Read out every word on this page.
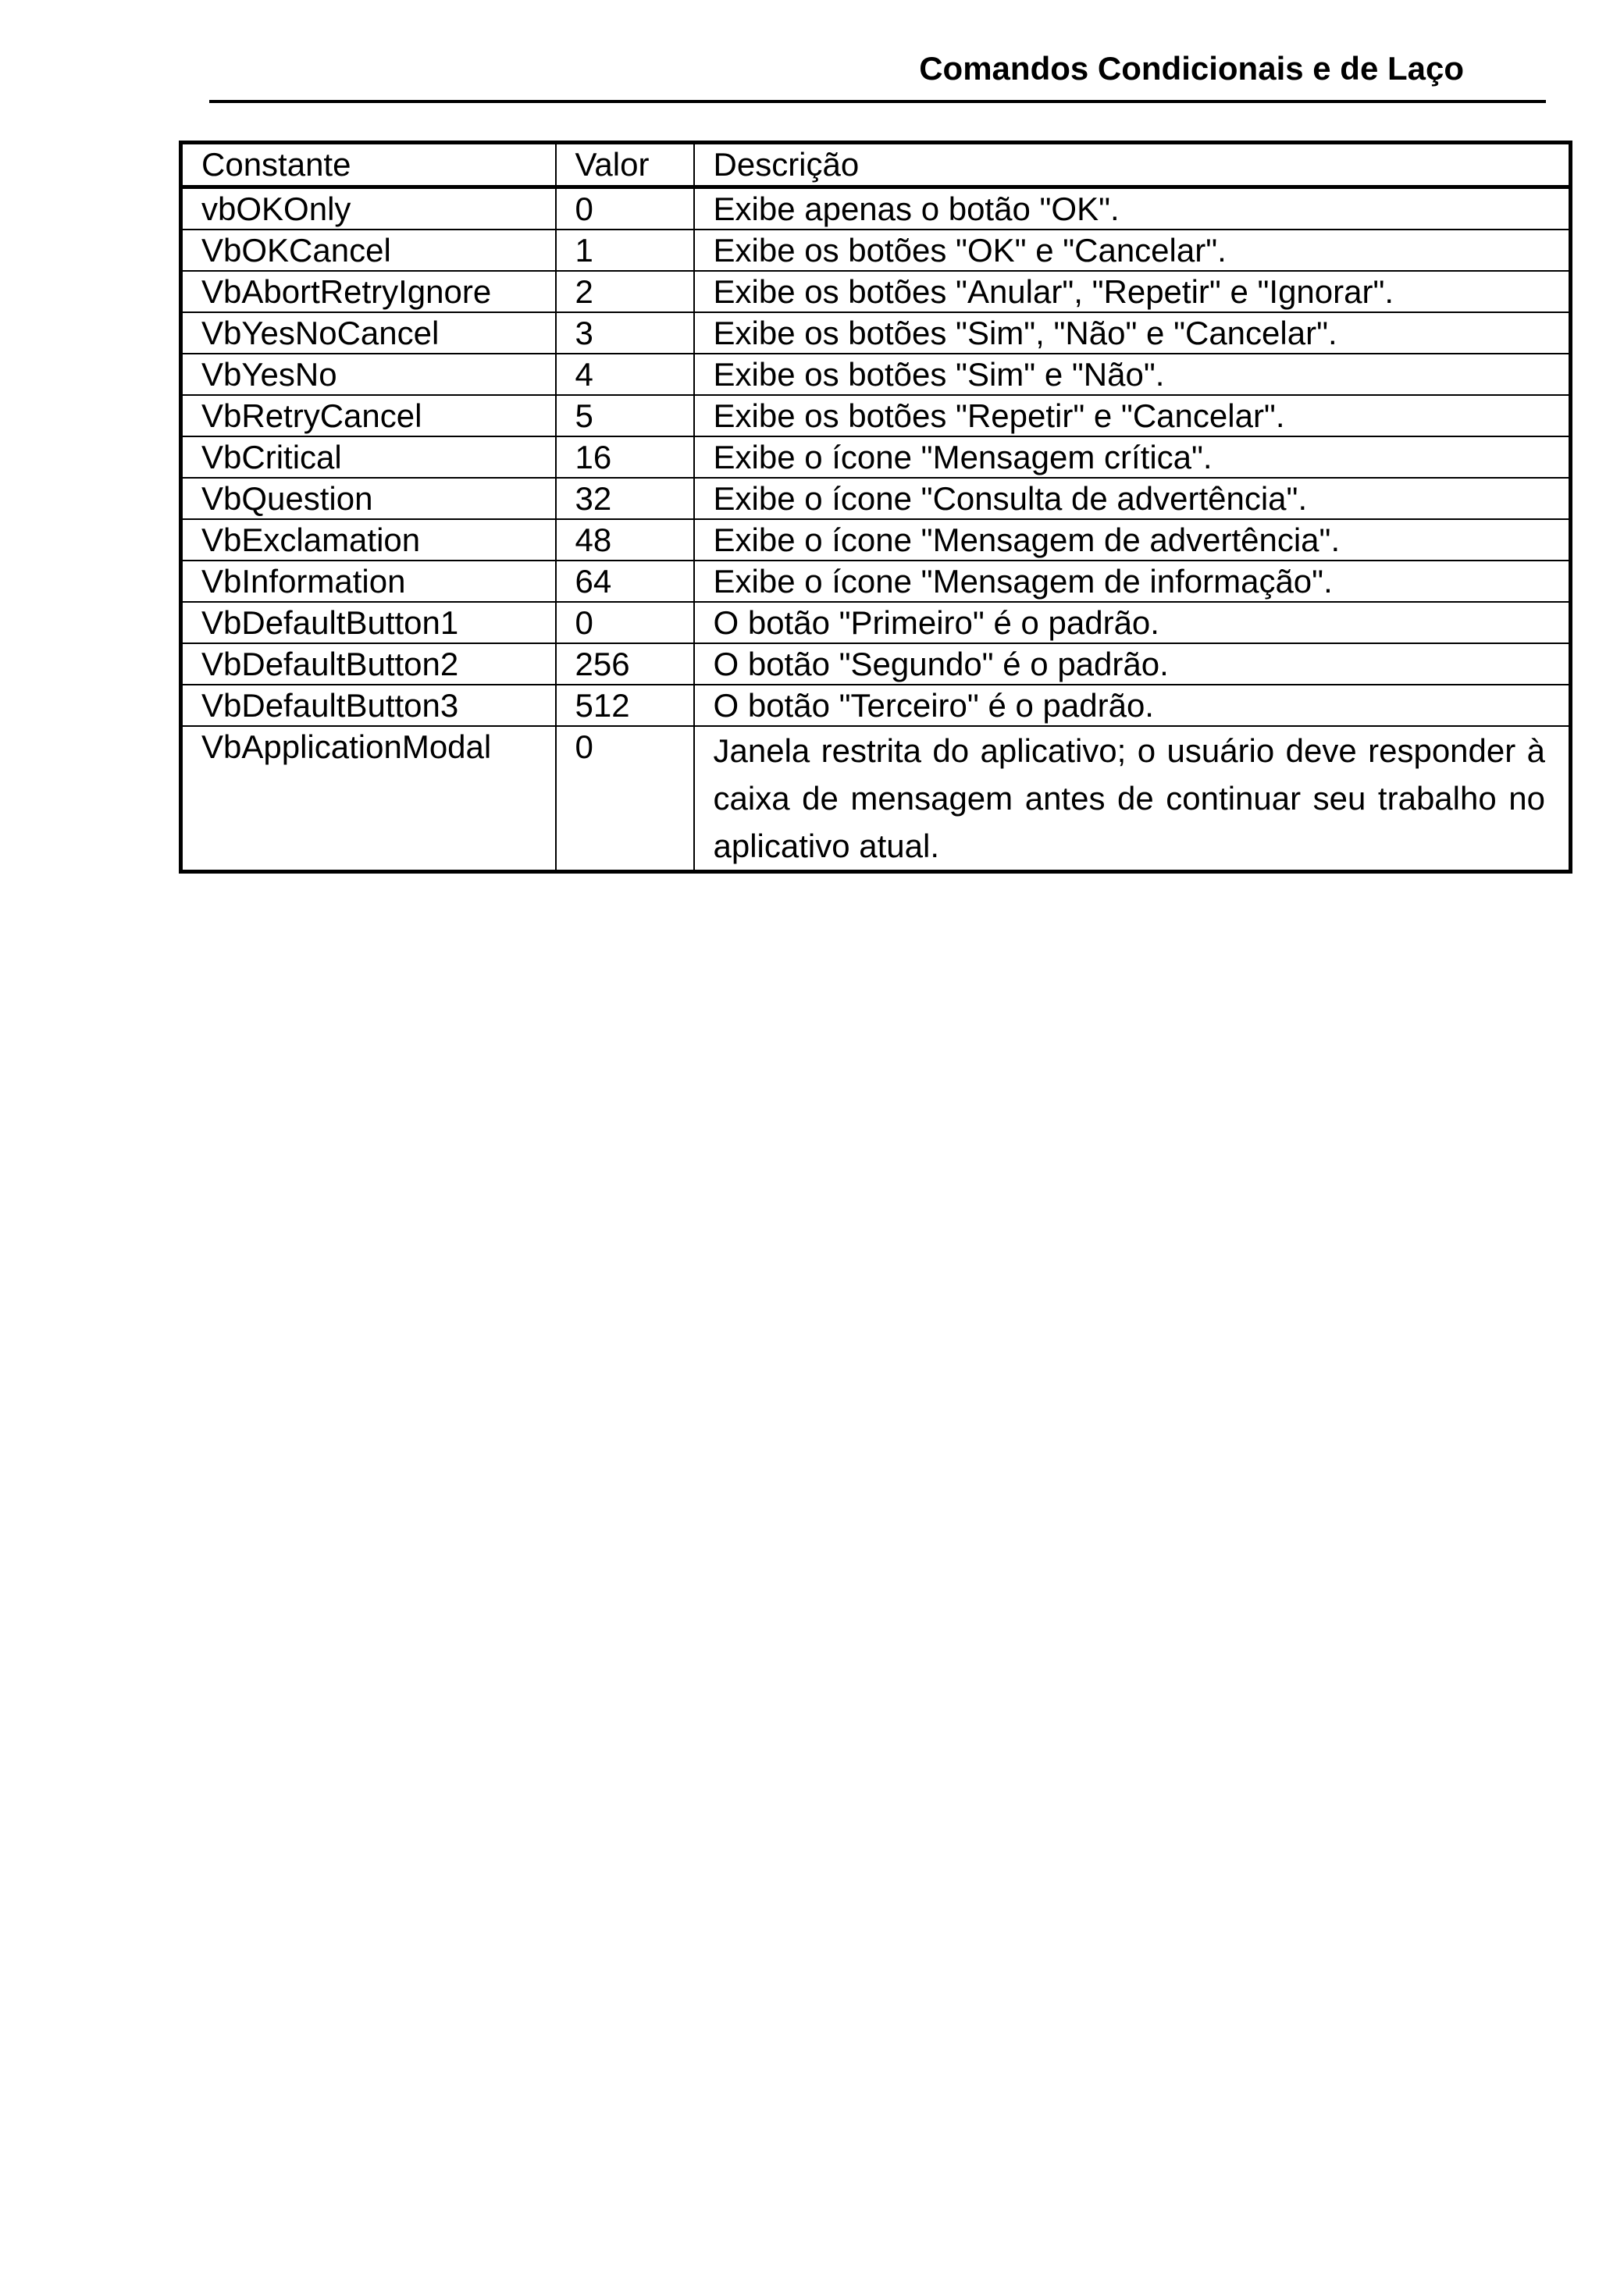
Comandos Condicionais e de Laço
Constante	Valor	Descrição
vbOKOnly	0	Exibe apenas o botão "OK".
VbOKCancel	1	Exibe os botões "OK" e "Cancelar".
VbAbortRetryIgnore	2	Exibe os botões "Anular", "Repetir" e "Ignorar".
VbYesNoCancel	3	Exibe os botões "Sim", "Não" e "Cancelar".
VbYesNo	4	Exibe os botões "Sim" e "Não".
VbRetryCancel	5	Exibe os botões "Repetir" e "Cancelar".
VbCritical	16	Exibe o ícone "Mensagem crítica".
VbQuestion	32	Exibe o ícone "Consulta de advertência".
VbExclamation	48	Exibe o ícone "Mensagem de advertência".
VbInformation	64	Exibe o ícone "Mensagem de informação".
VbDefaultButton1	0	O botão "Primeiro" é o padrão.
VbDefaultButton2	256	O botão "Segundo" é o padrão.
VbDefaultButton3	512	O botão "Terceiro" é o padrão.
VbApplicationModal	0	Janela restrita do aplicativo; o usuário deve responder à caixa de mensagem antes de continuar seu trabalho no aplicativo atual.
